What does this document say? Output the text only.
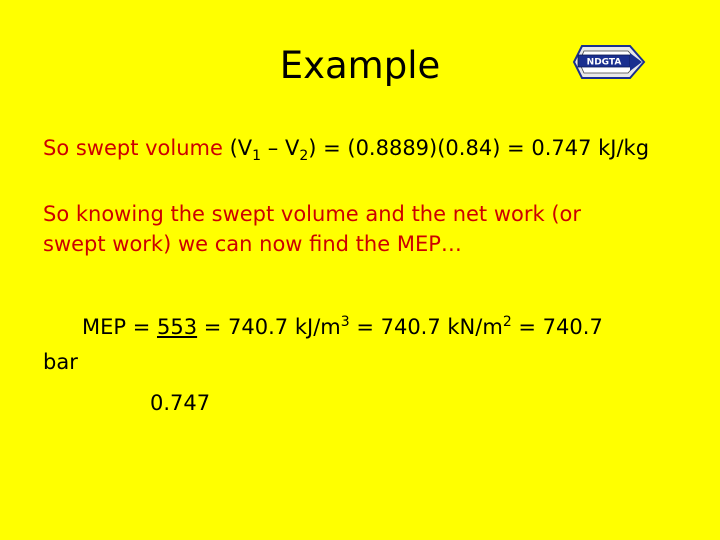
Example	NDGTA
So swept volume $(V_1 - V_2) = (0.8889)(0.84) = 0.747$ kJ/kg
So knowing the swept volume and the net work (or
swept work) we can now find the MEP…
MEP = 553 = 740.7 $kJ/m^3 = 740.7$ $kN/m^2 = 740.7$
bar
0.747
